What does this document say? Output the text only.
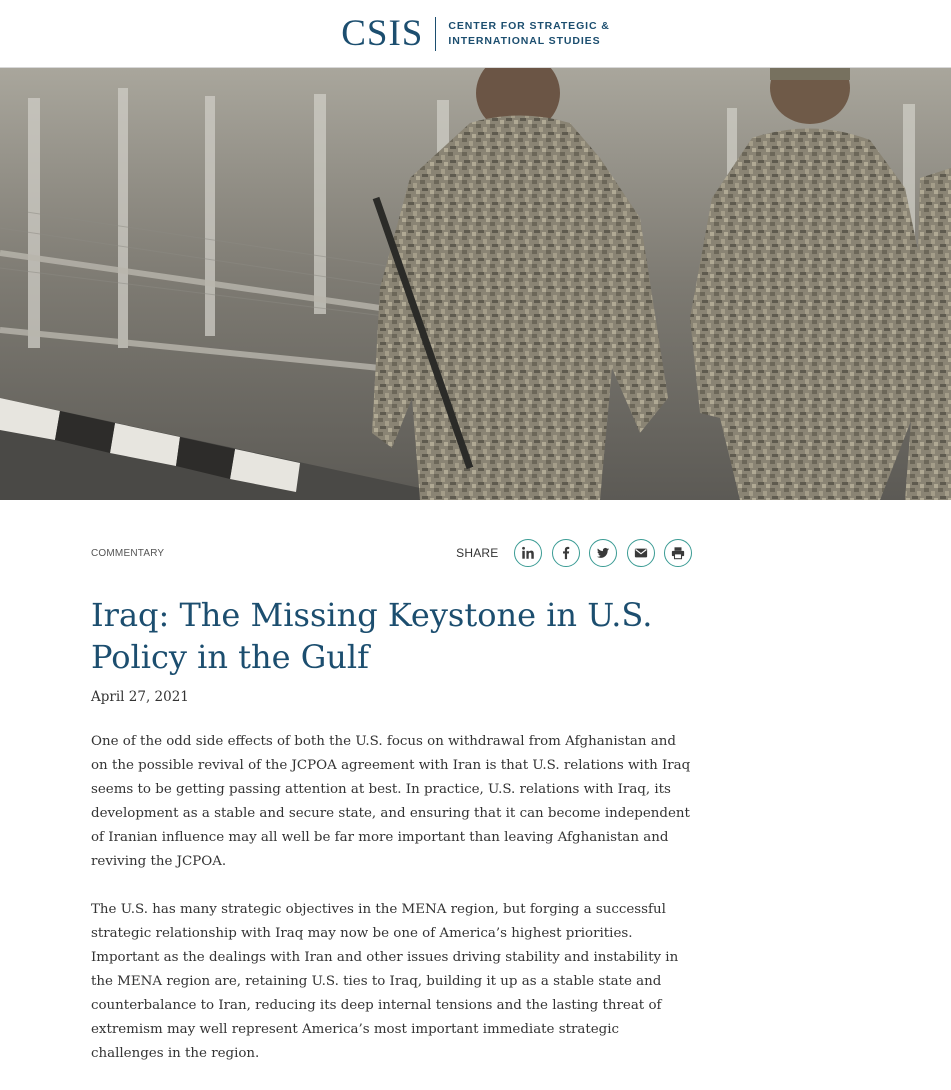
CSIS	CENTER FOR STRATEGIC &
INTERNATIONAL STUDIES
COMMENTARY	SHARE
Iraq: The Missing Keystone in U.S. Policy in the Gulf
April 27, 2021

One of the odd side effects of both the U.S. focus on withdrawal from Afghanistan and on the possible revival of the JCPOA agreement with Iran is that U.S. relations with Iraq seems to be getting passing attention at best. In practice, U.S. relations with Iraq, its development as a stable and secure state, and ensuring that it can become independent of Iranian influence may all well be far more important than leaving Afghanistan and reviving the JCPOA.

The U.S. has many strategic objectives in the MENA region, but forging a successful strategic relationship with Iraq may now be one of America’s highest priorities. Important as the dealings with Iran and other issues driving stability and instability in the MENA region are, retaining U.S. ties to Iraq, building it up as a stable state and counterbalance to Iran, reducing its deep internal tensions and the lasting threat of extremism may well represent America’s most important immediate strategic challenges in the region.
